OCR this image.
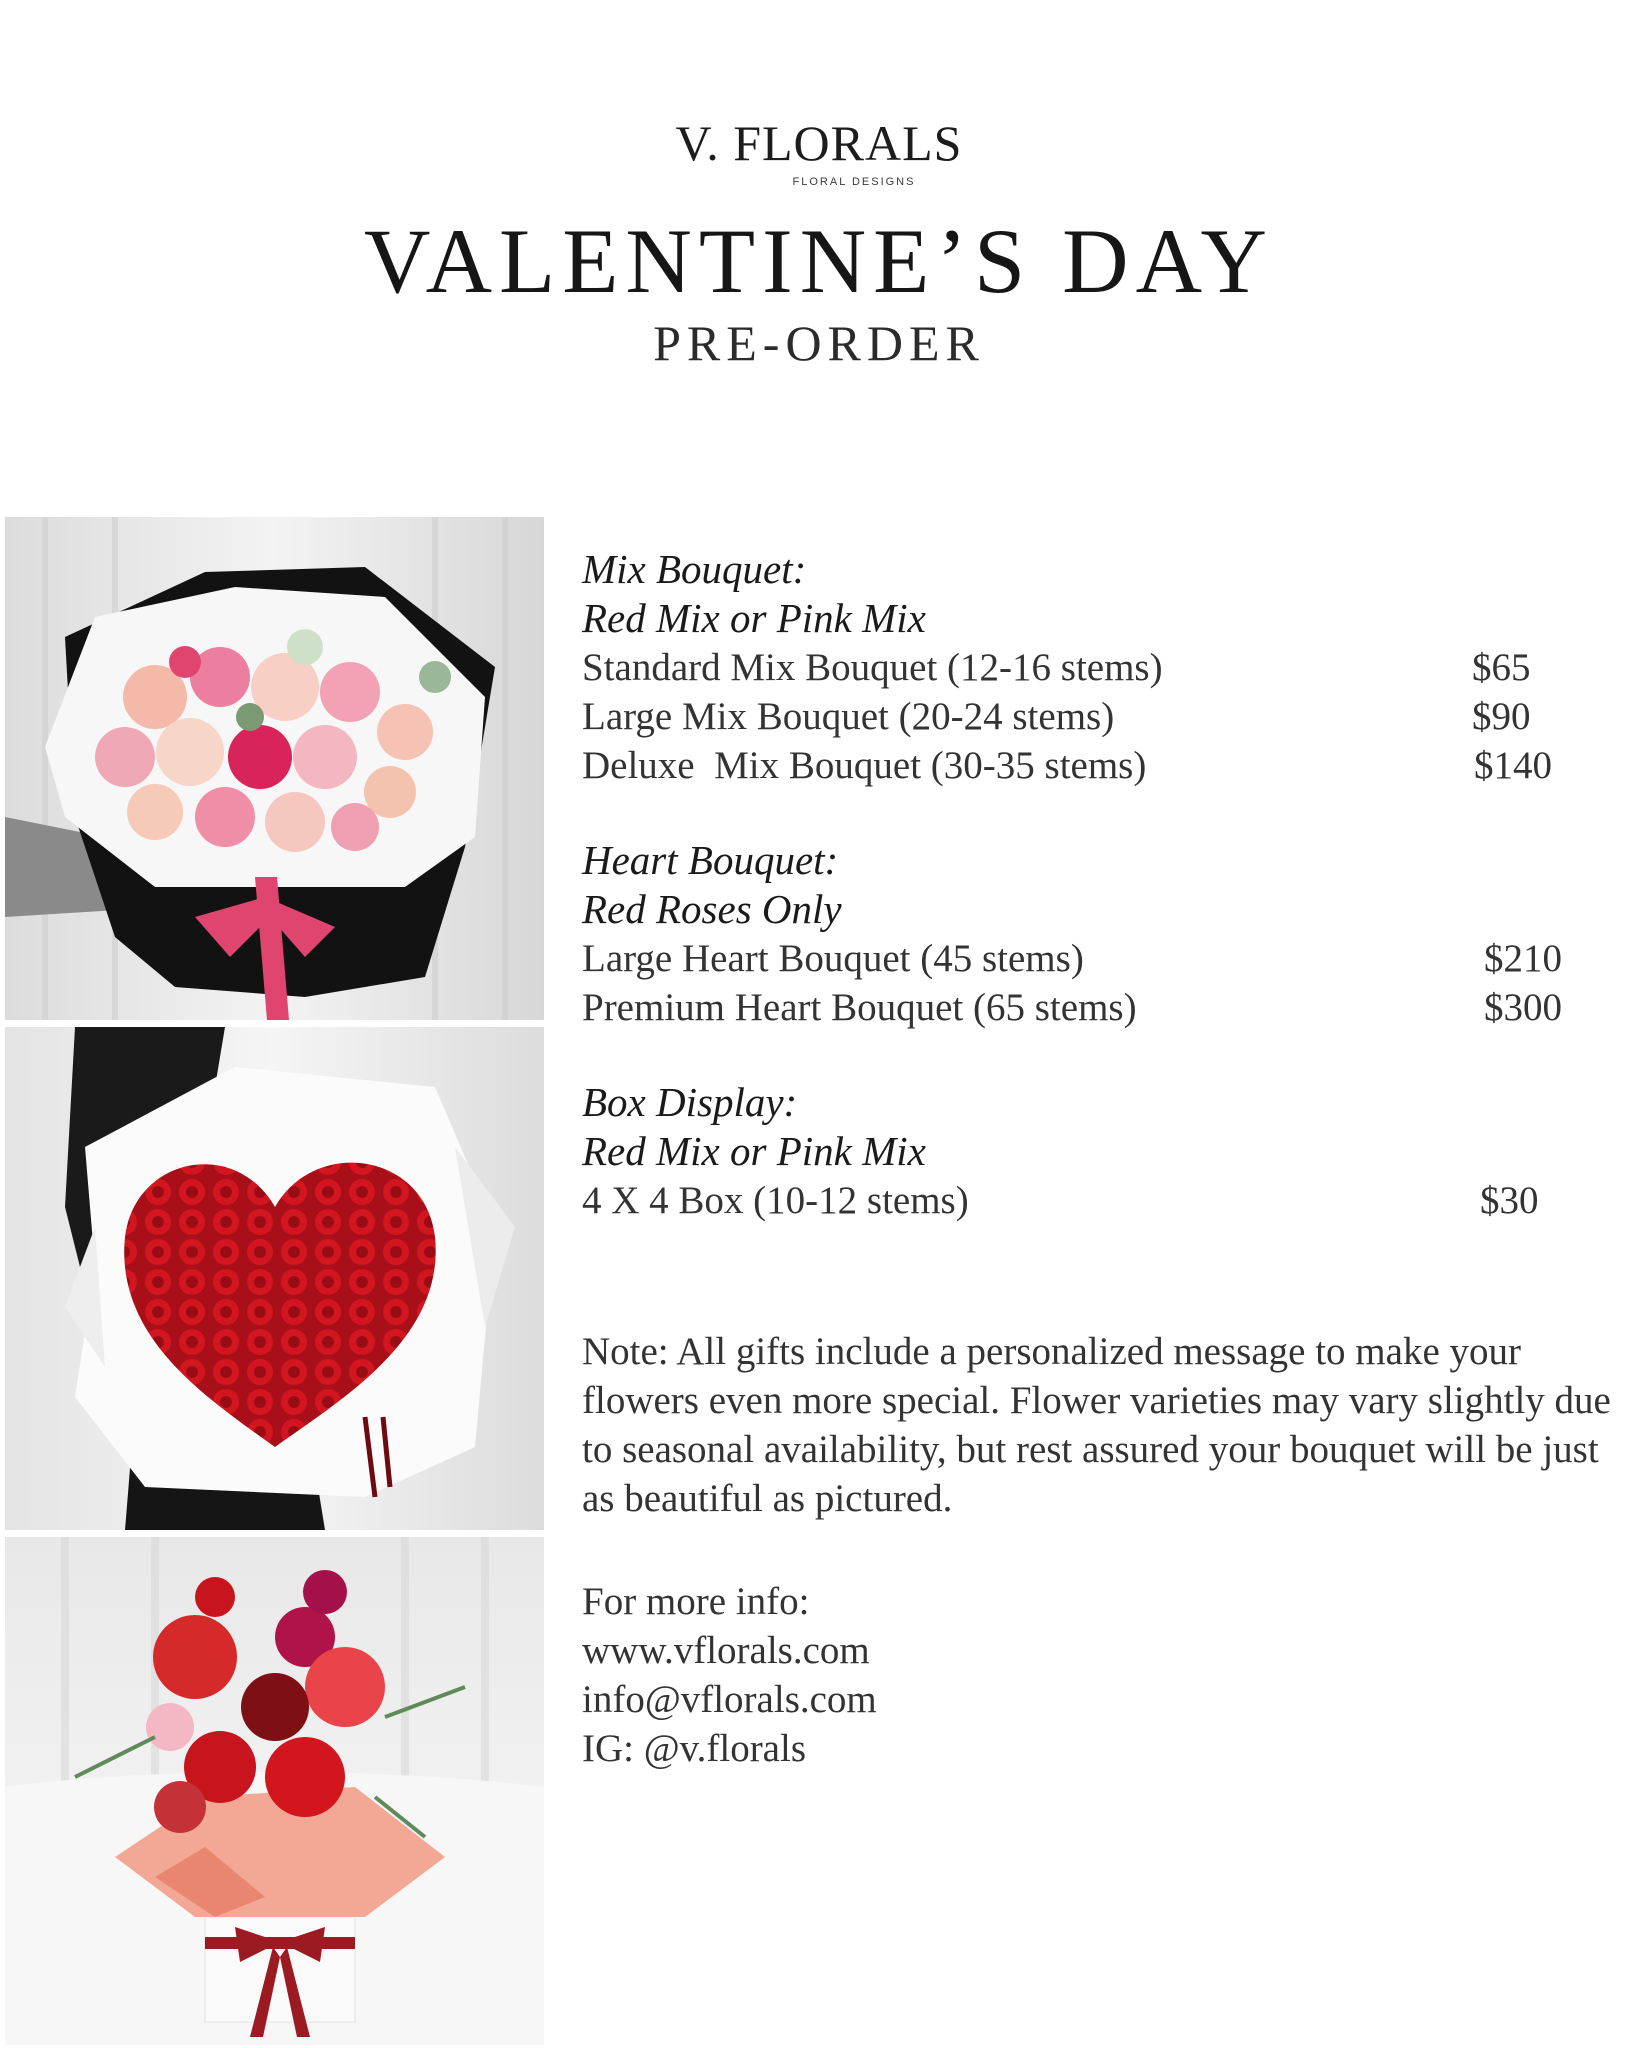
V. FLORALS
FLORAL DESIGNS
VALENTINE’S DAY
PRE-ORDER
Mix Bouquet:
Red Mix or Pink Mix
Standard Mix Bouquet (12-16 stems)	$65
Large Mix Bouquet (20-24 stems)	$90
Deluxe  Mix Bouquet (30-35 stems)	$140
Heart Bouquet:
Red Roses Only
Large Heart Bouquet (45 stems)	$210
Premium Heart Bouquet (65 stems)	$300
Box Display:
Red Mix or Pink Mix
4 X 4 Box (10-12 stems)	$30

Note: All gifts include a personalized message to make your flowers even more special. Flower varieties may vary slightly due to seasonal availability, but rest assured your bouquet will be just as beautiful as pictured.

For more info:
www.vflorals.com
info@vflorals.com
IG: @v.florals
